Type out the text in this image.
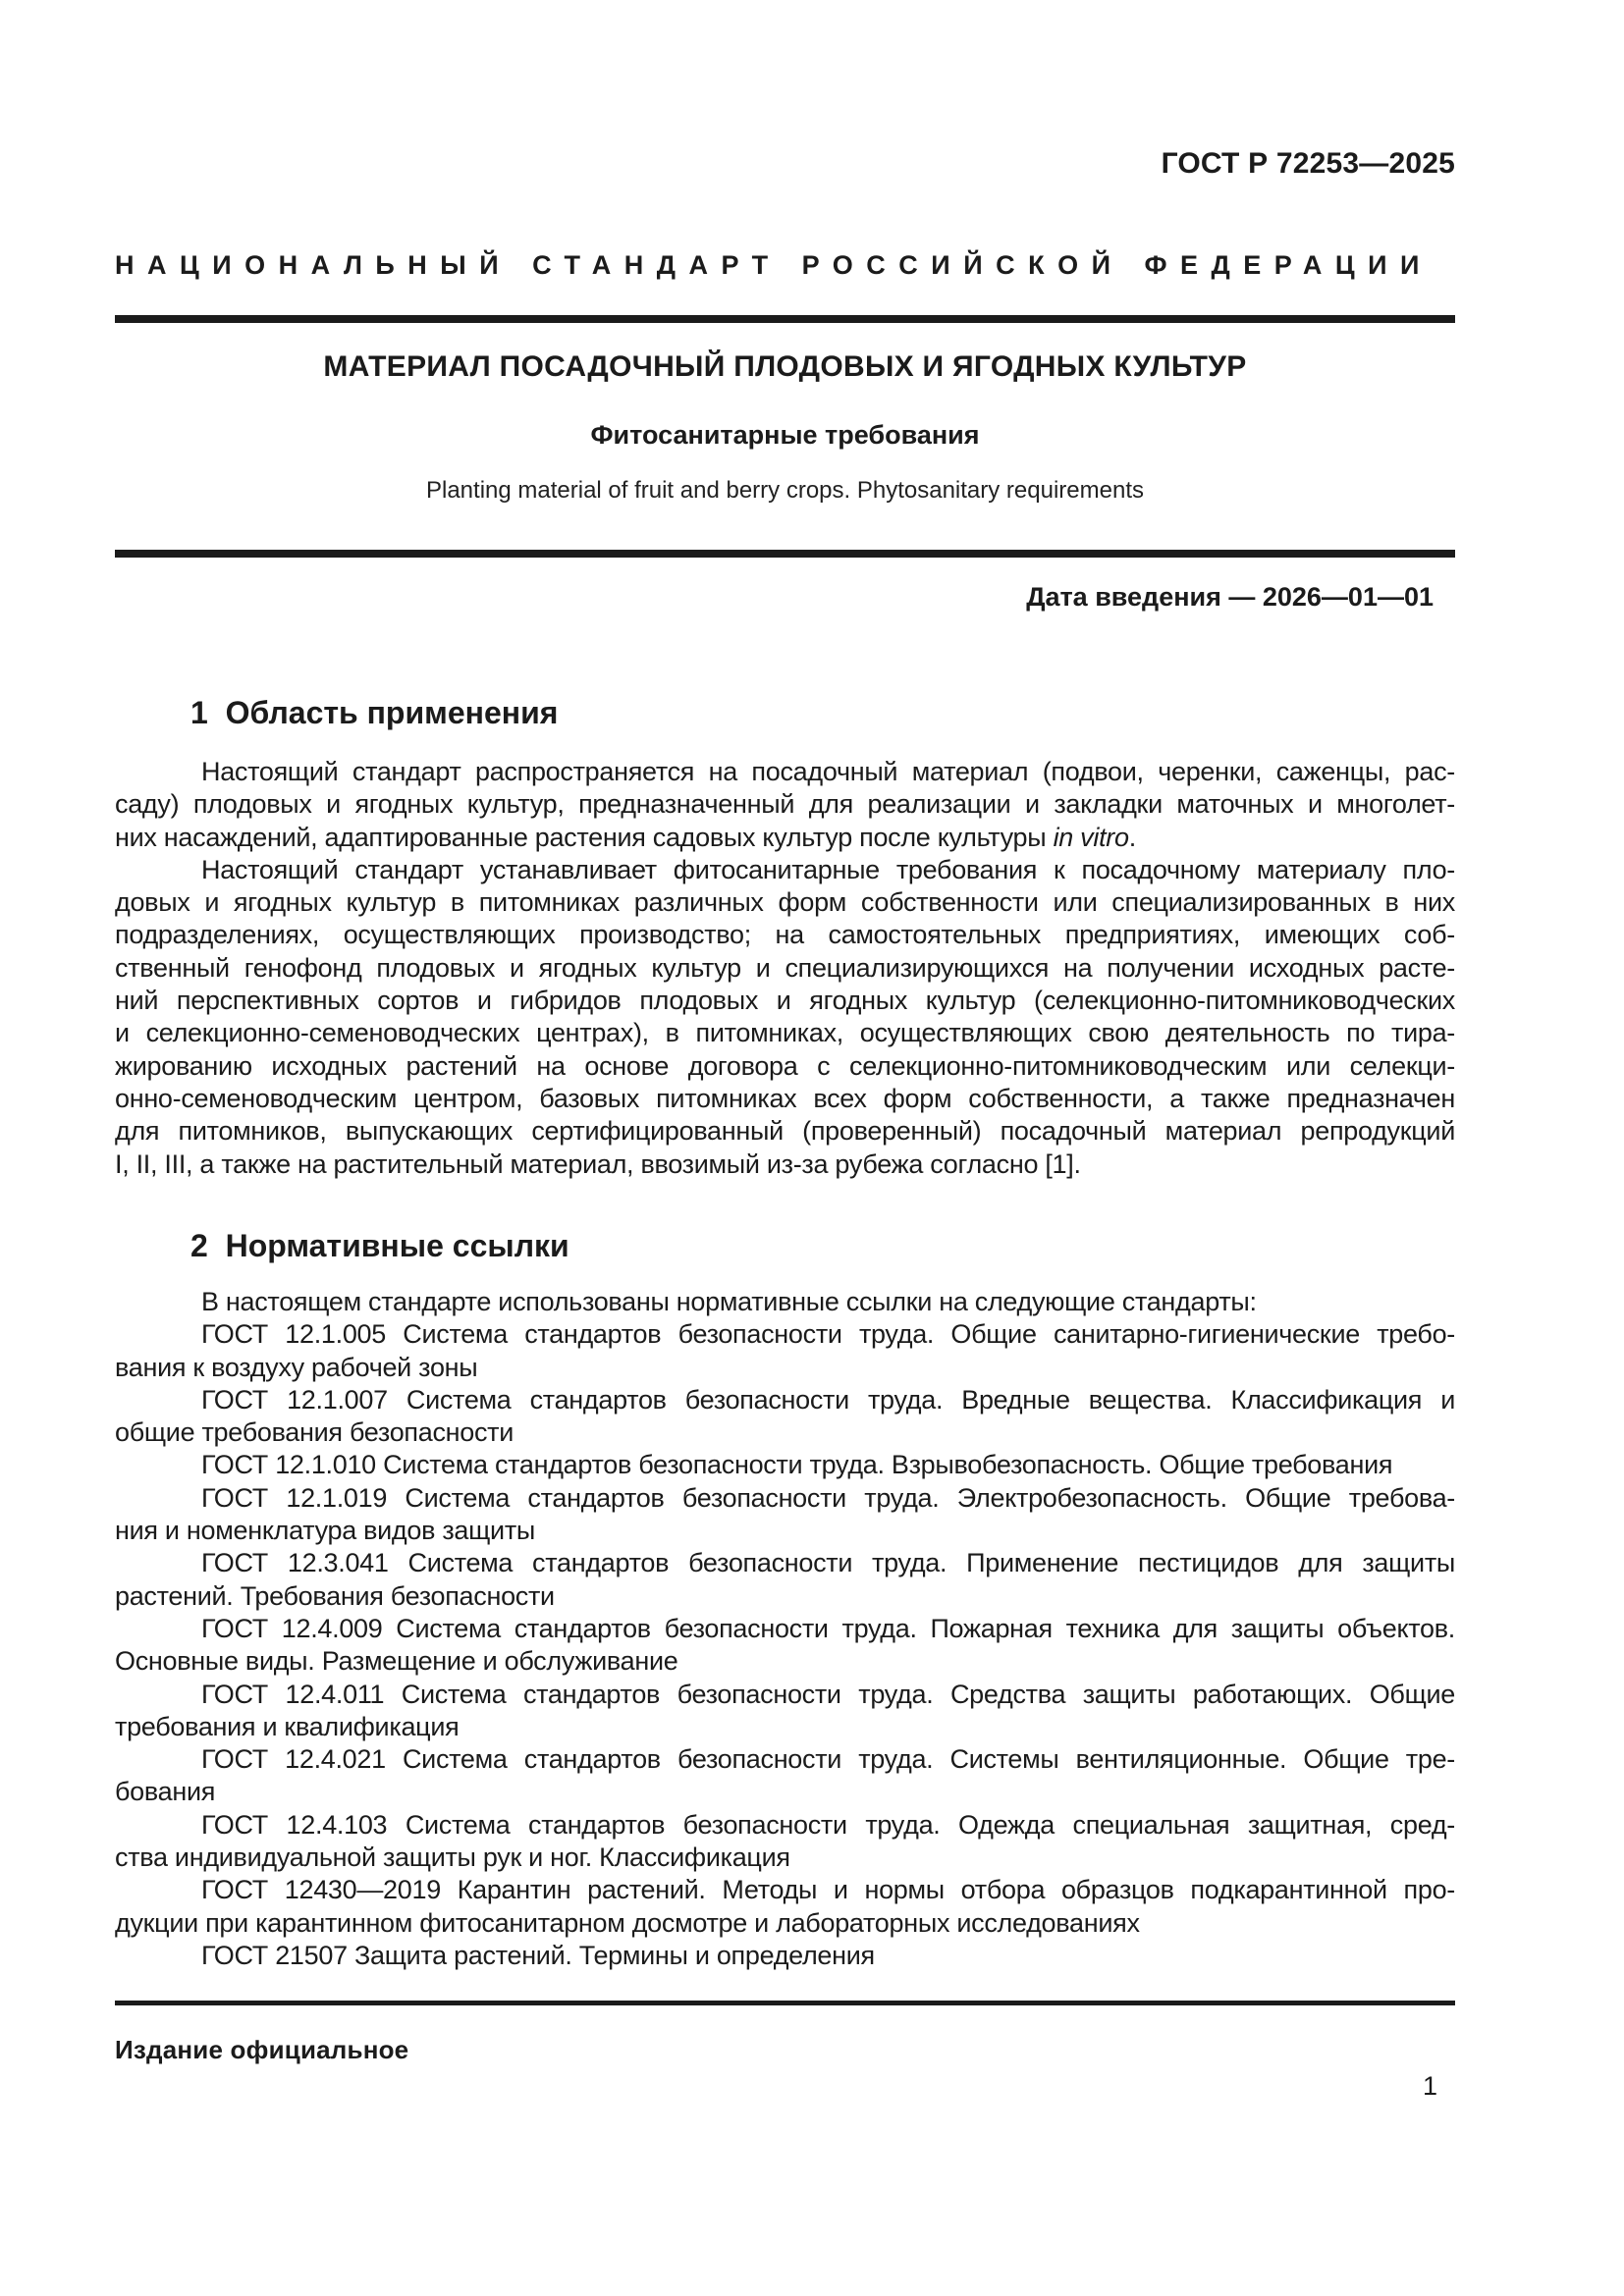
ГОСТ Р 72253—2025
НАЦИОНАЛЬНЫЙ СТАНДАРТ РОССИЙСКОЙ ФЕДЕРАЦИИ
МАТЕРИАЛ ПОСАДОЧНЫЙ ПЛОДОВЫХ И ЯГОДНЫХ КУЛЬТУР
Фитосанитарные требования
Planting material of fruit and berry crops. Phytosanitary requirements
Дата введения — 2026—01—01
1  Область применения
Настоящий стандарт распространяется на посадочный материал (подвои, черенки, саженцы, рас-
саду) плодовых и ягодных культур, предназначенный для реализации и закладки маточных и многолет-
них насаждений, адаптированные растения садовых культур после культуры in vitro.
Настоящий стандарт устанавливает фитосанитарные требования к посадочному материалу пло-
довых и ягодных культур в питомниках различных форм собственности или специализированных в них
подразделениях, осуществляющих производство; на самостоятельных предприятиях, имеющих соб-
ственный генофонд плодовых и ягодных культур и специализирующихся на получении исходных расте-
ний перспективных сортов и гибридов плодовых и ягодных культур (селекционно-питомниководческих
и селекционно-семеноводческих центрах), в питомниках, осуществляющих свою деятельность по тира-
жированию исходных растений на основе договора с селекционно-питомниководческим или селекци-
онно-семеноводческим центром, базовых питомниках всех форм собственности, а также предназначен
для питомников, выпускающих сертифицированный (проверенный) посадочный материал репродукций
I, II, III, а также на растительный материал, ввозимый из-за рубежа согласно [1].
2  Нормативные ссылки
В настоящем стандарте использованы нормативные ссылки на следующие стандарты:
ГОСТ 12.1.005 Система стандартов безопасности труда. Общие санитарно-гигиенические требо-
вания к воздуху рабочей зоны
ГОСТ 12.1.007 Система стандартов безопасности труда. Вредные вещества. Классификация и
общие требования безопасности
ГОСТ 12.1.010 Система стандартов безопасности труда. Взрывобезопасность. Общие требования
ГОСТ 12.1.019 Система стандартов безопасности труда. Электробезопасность. Общие требова-
ния и номенклатура видов защиты
ГОСТ 12.3.041 Система стандартов безопасности труда. Применение пестицидов для защиты
растений. Требования безопасности
ГОСТ 12.4.009 Система стандартов безопасности труда. Пожарная техника для защиты объектов.
Основные виды. Размещение и обслуживание
ГОСТ 12.4.011 Система стандартов безопасности труда. Средства защиты работающих. Общие
требования и квалификация
ГОСТ 12.4.021 Система стандартов безопасности труда. Системы вентиляционные. Общие тре-
бования
ГОСТ 12.4.103 Система стандартов безопасности труда. Одежда специальная защитная, сред-
ства индивидуальной защиты рук и ног. Классификация
ГОСТ 12430—2019 Карантин растений. Методы и нормы отбора образцов подкарантинной про-
дукции при карантинном фитосанитарном досмотре и лабораторных исследованиях
ГОСТ 21507 Защита растений. Термины и определения
Издание официальное
1
